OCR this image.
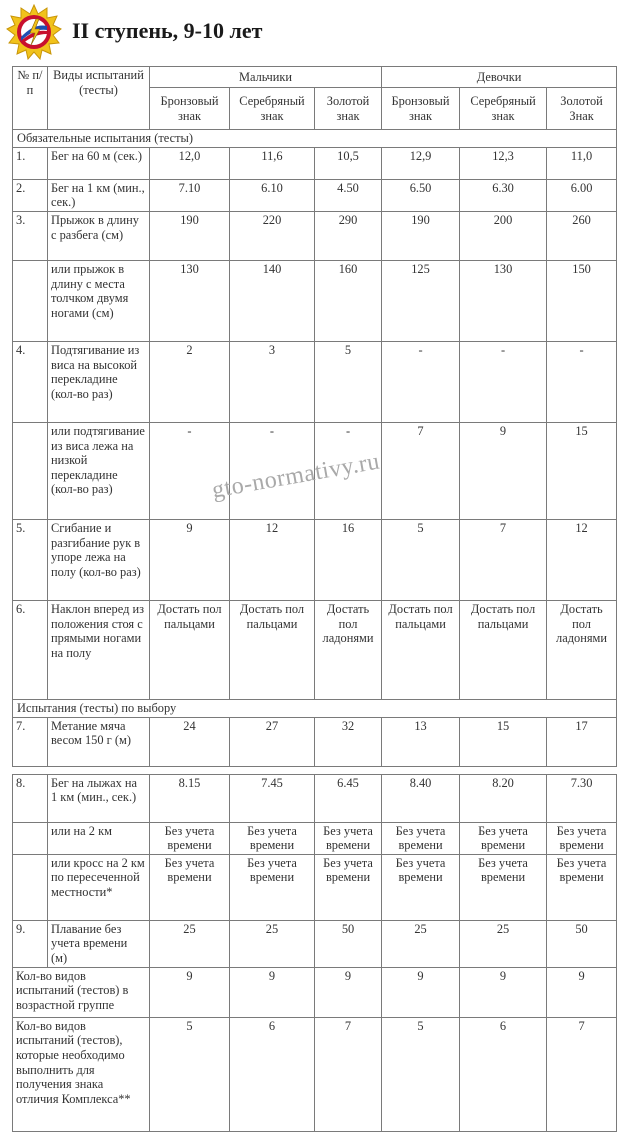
II ступень, 9-10 лет
№ п/п	Виды испытаний (тесты)	Мальчики			Девочки		
		Бронзовый знак	Серебряный знак	Золотой знак	Бронзовый знак	Серебряный знак	Золотой Знак
Обязательные испытания (тесты)							
1.	Бег на 60 м (сек.)	12,0	11,6	10,5	12,9	12,3	11,0
2.	Бег на 1 км (мин., сек.)	7.10	6.10	4.50	6.50	6.30	6.00
3.	Прыжок в длину с разбега (см)	190	220	290	190	200	260
	или прыжок в длину с места толчком двумя ногами (см)	130	140	160	125	130	150
4.	Подтягивание из виса на высокой перекладине (кол-во раз)	2	3	5	-	-	-
	или подтягивание из виса лежа на низкой перекладине (кол-во раз)	-	-	-	7	9	15
5.	Сгибание и разгибание рук в упоре лежа на полу (кол-во раз)	9	12	16	5	7	12
6.	Наклон вперед из положения стоя с прямыми ногами на полу	Достать пол пальцами	Достать пол пальцами	Достать пол ладонями	Достать пол пальцами	Достать пол пальцами	Достать пол ладонями
Испытания (тесты) по выбору							
7.	Метание мяча весом 150 г (м)	24	27	32	13	15	17

8.	Бег на лыжах на 1 км (мин., сек.)	8.15	7.45	6.45	8.40	8.20	7.30
	или на 2 км	Без учета времени	Без учета времени	Без учета времени	Без учета времени	Без учета времени	Без учета времени
	или кросс на 2 км по пересеченной местности*	Без учета времени	Без учета времени	Без учета времени	Без учета времени	Без учета времени	Без учета времени
9.	Плавание без учета времени (м)	25	25	50	25	25	50
Кол-во видов испытаний (тестов) в возрастной группе		9	9	9	9	9	9
Кол-во видов испытаний (тестов), которые необходимо выполнить для получения знака отличия Комплекса**		5	6	7	5	6	7
gto-normativy.ru
